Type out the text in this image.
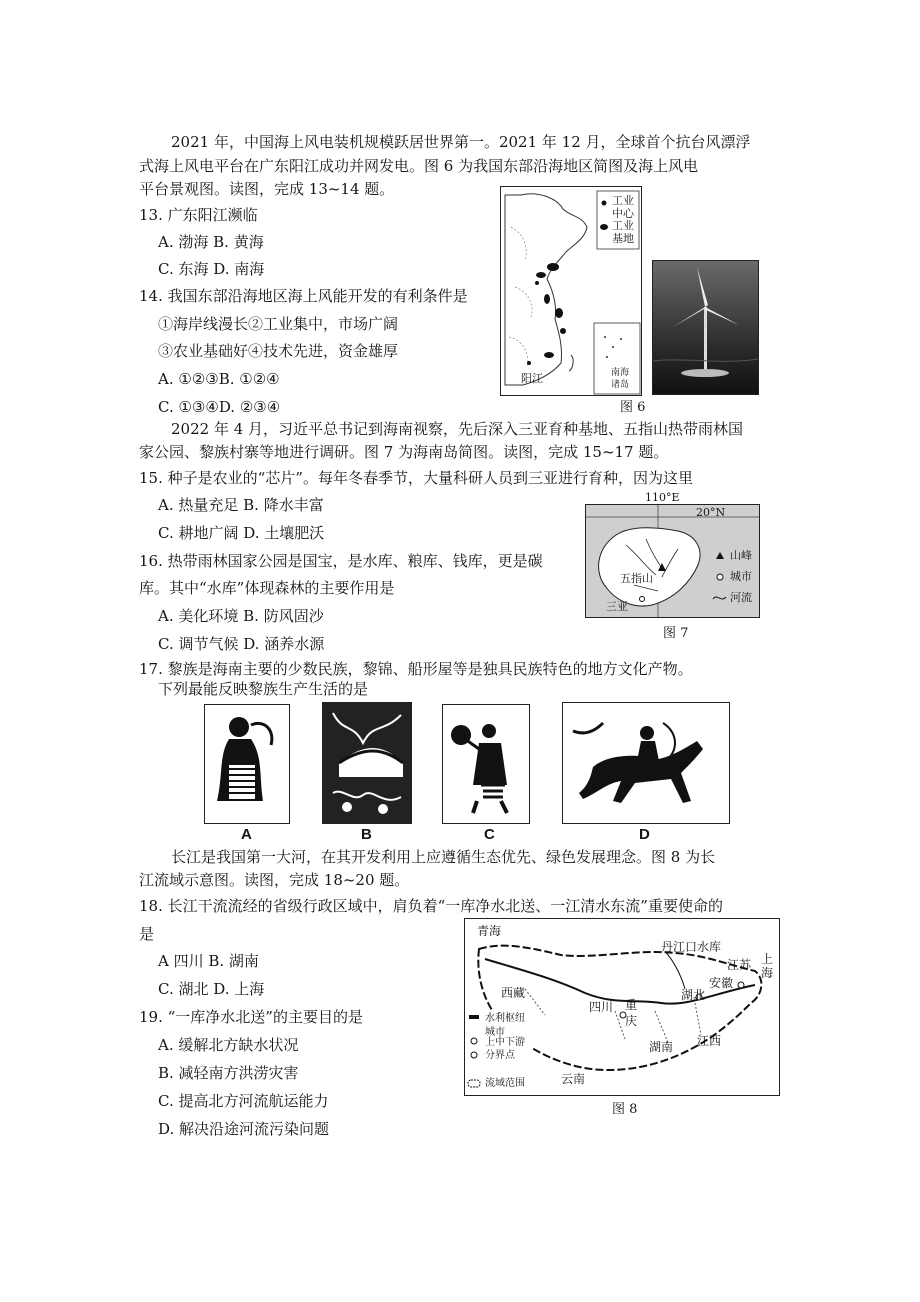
2021 年，中国海上风电装机规模跃居世界第一。2021 年 12 月，全球首个抗台风漂浮
式海上风电平台在广东阳江成功并网发电。图 6 为我国东部沿海地区简图及海上风电
平台景观图。读图，完成 13~14 题。
13. 广东阳江濒临
A. 渤海 B. 黄海
C. 东海 D. 南海
14. 我国东部沿海地区海上风能开发的有利条件是
①海岸线漫长②工业集中，市场广阔
③农业基础好④技术先进，资金雄厚
A. ①②③B. ①②④
C. ①③④D. ②③④
工业
中心
工业
基地
阳江	南海
诸岛
图 6
2022 年 4 月，习近平总书记到海南视察，先后深入三亚育种基地、五指山热带雨林国
家公园、黎族村寨等地进行调研。图 7 为海南岛简图。读图，完成 15~17 题。
15. 种子是农业的“芯片”。每年冬春季节，大量科研人员到三亚进行育种，因为这里
A. 热量充足 B. 降水丰富
C. 耕地广阔 D. 土壤肥沃
110°E
20°N
五指山
三亚
山峰
城市
河流
图 7
16. 热带雨林国家公园是国宝，是水库、粮库、钱库，更是碳
库。其中“水库”体现森林的主要作用是
A. 美化环境 B. 防风固沙
C. 调节气候 D. 涵养水源
17. 黎族是海南主要的少数民族，黎锦、船形屋等是独具民族特色的地方文化产物。
下列最能反映黎族生产生活的是
A	B	C	D
长江是我国第一大河，在其开发利用上应遵循生态优先、绿色发展理念。图 8 为长
江流域示意图。读图，完成 18~20 题。
18. 长江干流流经的省级行政区域中，肩负着“一库净水北送、一江清水东流”重要使命的
是
A 四川 B. 湖南
C. 湖北 D. 上海
19. “一库净水北送”的主要目的是
A. 缓解北方缺水状况
B. 减轻南方洪涝灾害
C. 提高北方河流航运能力
D. 解决沿途河流污染问题
青海
西藏
四川 重
庆
湖北
湖南 江西
安徽
江苏 上
海
云南
丹江口水库
水利枢纽
城市
上中下游
分界点
流域范围
图 8
